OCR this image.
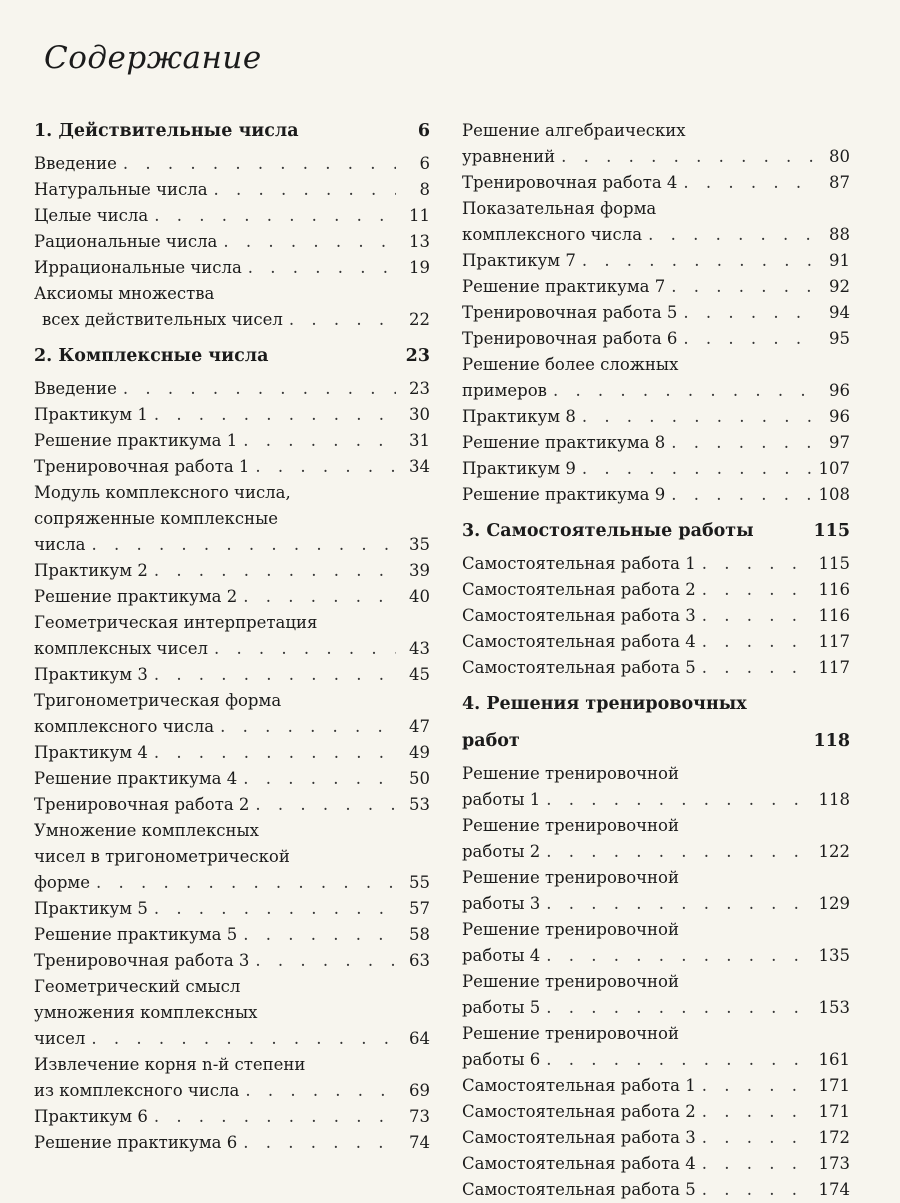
Содержание
1. Действительные числа	6
Введение . . .	6
Натуральные числа . . .	8
Целые числа . . .	11
Рациональные числа . . .	13
Иррациональные числа . . .	19
Аксиомы множества
всех действительных чисел . . .	22
2. Комплексные числа	23
Введение . . .	23
Практикум 1 . . .	30
Решение практикума 1 . . .	31
Тренировочная работа 1 . . .	34
Модуль комплексного числа,
сопряженные комплексные
числа . . .	35
Практикум 2 . . .	39
Решение практикума 2 . . .	40
Геометрическая интерпретация
комплексных чисел . . .	43
Практикум 3 . . .	45
Тригонометрическая форма
комплексного числа . . .	47
Практикум 4 . . .	49
Решение практикума 4 . . .	50
Тренировочная работа 2 . . .	53
Умножение комплексных
чисел в тригонометрической
форме . . .	55
Практикум 5 . . .	57
Решение практикума 5 . . .	58
Тренировочная работа 3 . . .	63
Геометрический смысл
умножения комплексных
чисел . . .	64
Извлечение корня n-й степени
из комплексного числа . . .	69
Практикум 6 . . .	73
Решение практикума 6 . . .	74
Решение алгебраических
уравнений . . .	80
Тренировочная работа 4 . . .	87
Показательная форма
комплексного числа . . .	88
Практикум 7 . . .	91
Решение практикума 7 . . .	92
Тренировочная работа 5 . . .	94
Тренировочная работа 6 . . .	95
Решение более сложных
примеров . . .	96
Практикум 8 . . .	96
Решение практикума 8 . . .	97
Практикум 9 . . .	107
Решение практикума 9 . . .	108
3. Самостоятельные работы	115
Самостоятельная работа 1 . . .	115
Самостоятельная работа 2 . . .	116
Самостоятельная работа 3 . . .	116
Самостоятельная работа 4 . . .	117
Самостоятельная работа 5 . . .	117
4. Решения тренировочных
работ	118
Решение тренировочной
работы 1 . . .	118
Решение тренировочной
работы 2 . . .	122
Решение тренировочной
работы 3 . . .	129
Решение тренировочной
работы 4 . . .	135
Решение тренировочной
работы 5 . . .	153
Решение тренировочной
работы 6 . . .	161
Самостоятельная работа 1 . . .	171
Самостоятельная работа 2 . . .	171
Самостоятельная работа 3 . . .	172
Самостоятельная работа 4 . . .	173
Самостоятельная работа 5 . . .	174
